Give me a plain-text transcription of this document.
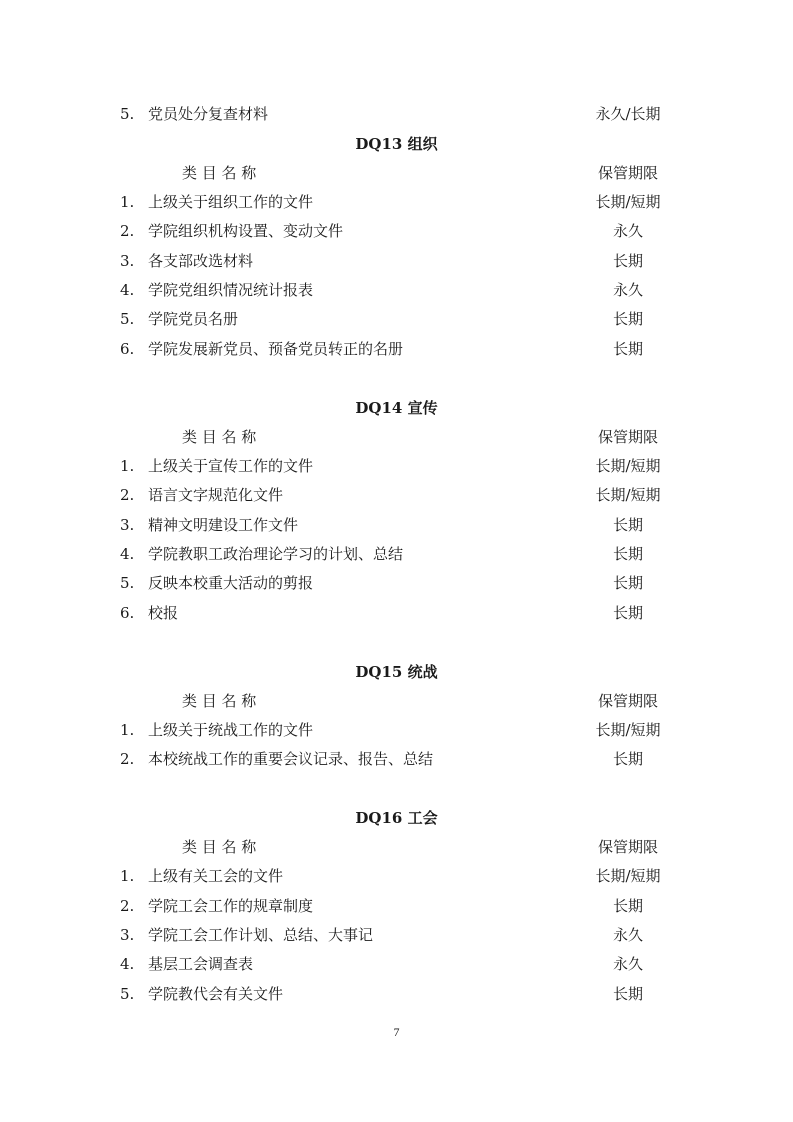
5. 党员处分复查材料	永久/长期
DQ13 组织
类 目 名 称	保管期限
1. 上级关于组织工作的文件	长期/短期
2. 学院组织机构设置、变动文件	永久
3. 各支部改选材料	长期
4. 学院党组织情况统计报表	永久
5. 学院党员名册	长期
6. 学院发展新党员、预备党员转正的名册	长期
DQ14 宣传
类 目 名 称	保管期限
1. 上级关于宣传工作的文件	长期/短期
2. 语言文字规范化文件	长期/短期
3. 精神文明建设工作文件	长期
4. 学院教职工政治理论学习的计划、总结	长期
5. 反映本校重大活动的剪报	长期
6. 校报	长期
DQ15 统战
类 目 名 称	保管期限
1. 上级关于统战工作的文件	长期/短期
2. 本校统战工作的重要会议记录、报告、总结	长期
DQ16 工会
类 目 名 称	保管期限
1. 上级有关工会的文件	长期/短期
2. 学院工会工作的规章制度	长期
3. 学院工会工作计划、总结、大事记	永久
4. 基层工会调查表	永久
5. 学院教代会有关文件	长期
7
